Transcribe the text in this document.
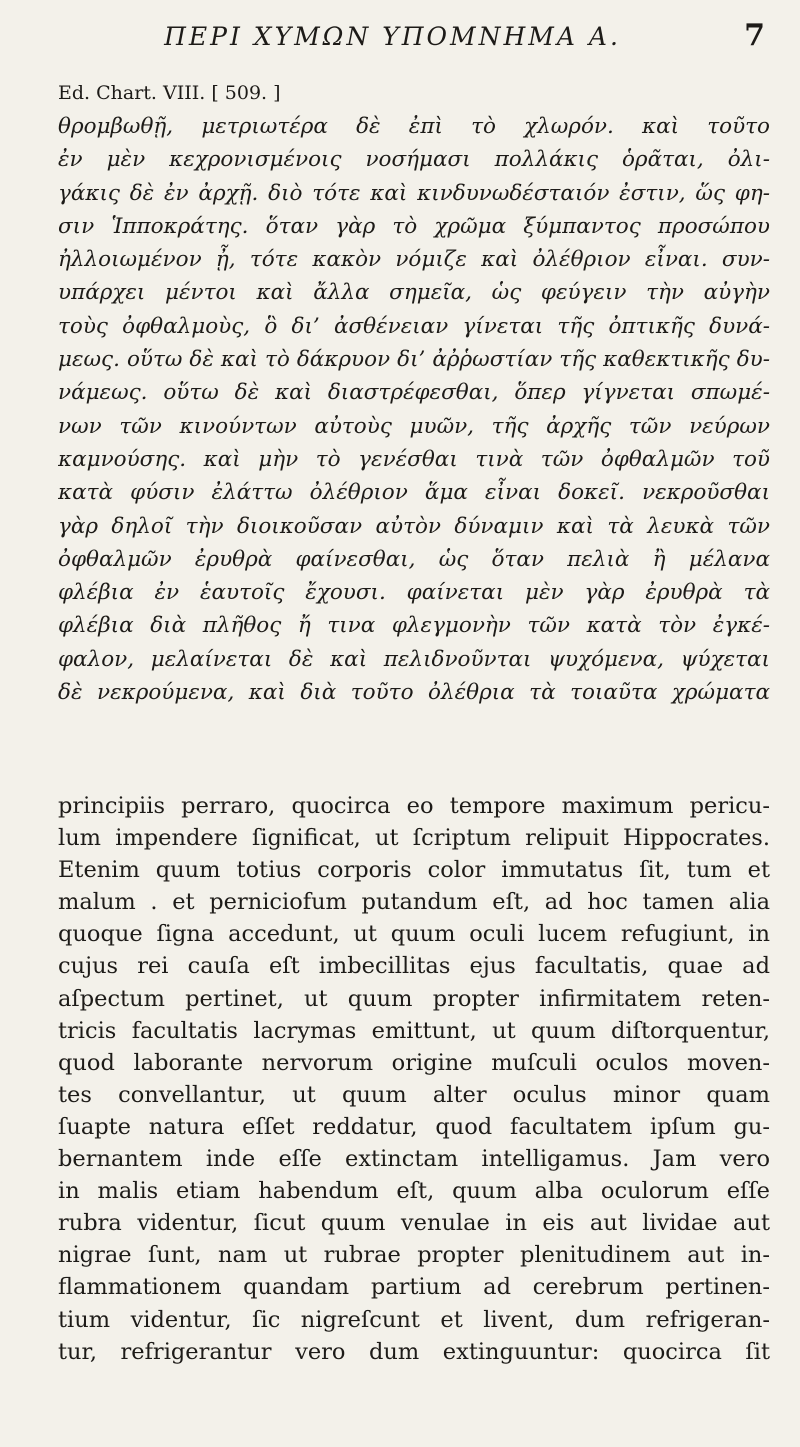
ΠΕΡΙ ΧΥΜΩΝ ΥΠΟΜΝΗΜΑ Α.	7
Ed. Chart. VIII. [ 509. ]
θρομβωθῇ, μετριωτέρα δὲ ἐπὶ τὸ χλωρόν. καὶ τοῦτο
ἐν μὲν κεχρονισμένοις νοσήμασι πολλάκις ὁρᾶται, ὀλι-
γάκις δὲ ἐν ἀρχῇ. διὸ τότε καὶ κινδυνωδέσταιόν ἐστιν, ὥς φη-
σιν Ἱπποκράτης. ὅταν γὰρ τὸ χρῶμα ξύμπαντος προσώπου
ἠλλοιωμένον ᾖ, τότε κακὸν νόμιζε καὶ ὀλέθριον εἶναι. συν-
υπάρχει μέντοι καὶ ἄλλα σημεῖα, ὡς φεύγειν τὴν αὐγὴν
τοὺς ὀφθαλμοὺς, ὃ δι’ ἀσθένειαν γίνεται τῆς ὀπτικῆς δυνά-
μεως. οὕτω δὲ καὶ τὸ δάκρυον δι’ ἀῤῥωστίαν τῆς καθεκτικῆς δυ-
νάμεως. οὕτω δὲ καὶ διαστρέφεσθαι, ὅπερ γίγνεται σπωμέ-
νων τῶν κινούντων αὐτοὺς μυῶν, τῆς ἀρχῆς τῶν νεύρων
καμνούσης. καὶ μὴν τὸ γενέσθαι τινὰ τῶν ὀφθαλμῶν τοῦ
κατὰ φύσιν ἐλάττω ὀλέθριον ἅμα εἶναι δοκεῖ. νεκροῦσθαι
γὰρ δηλοῖ τὴν διοικοῦσαν αὐτὸν δύναμιν καὶ τὰ λευκὰ τῶν
ὀφθαλμῶν ἐρυθρὰ φαίνεσθαι, ὡς ὅταν πελιὰ ἢ μέλανα
φλέβια ἐν ἑαυτοῖς ἔχουσι. φαίνεται μὲν γὰρ ἐρυθρὰ τὰ
φλέβια διὰ πλῆθος ἤ τινα φλεγμονὴν τῶν κατὰ τὸν ἐγκέ-
φαλον, μελαίνεται δὲ καὶ πελιδνοῦνται ψυχόμενα, ψύχεται
δὲ νεκρούμενα, καὶ διὰ τοῦτο ὀλέθρια τὰ τοιαῦτα χρώματα
principiis perraro, quocirca eo tempore maximum pericu-
lum impendere ſignificat, ut ſcriptum relipuit Hippocrates.
Etenim quum totius corporis color immutatus ſit, tum et
malum . et perniciofum putandum eſt, ad hoc tamen alia
quoque ſigna accedunt, ut quum oculi lucem refugiunt, in
cujus rei cauſa eſt imbecillitas ejus facultatis, quae ad
aſpectum pertinet, ut quum propter infirmitatem reten-
tricis facultatis lacrymas emittunt, ut quum diſtorquentur,
quod laborante nervorum origine muſculi oculos moven-
tes convellantur, ut quum alter oculus minor quam
ſuapte natura eſſet reddatur, quod facultatem ipſum gu-
bernantem inde eſſe extinctam intelligamus. Jam vero
in malis etiam habendum eſt, quum alba oculorum eſſe
rubra videntur, ſicut quum venulae in eis aut lividae aut
nigrae ſunt, nam ut rubrae propter plenitudinem aut in-
flammationem quandam partium ad cerebrum pertinen-
tium videntur, ſic nigreſcunt et livent, dum refrigeran-
tur, refrigerantur vero dum extinguuntur: quocirca ſit
